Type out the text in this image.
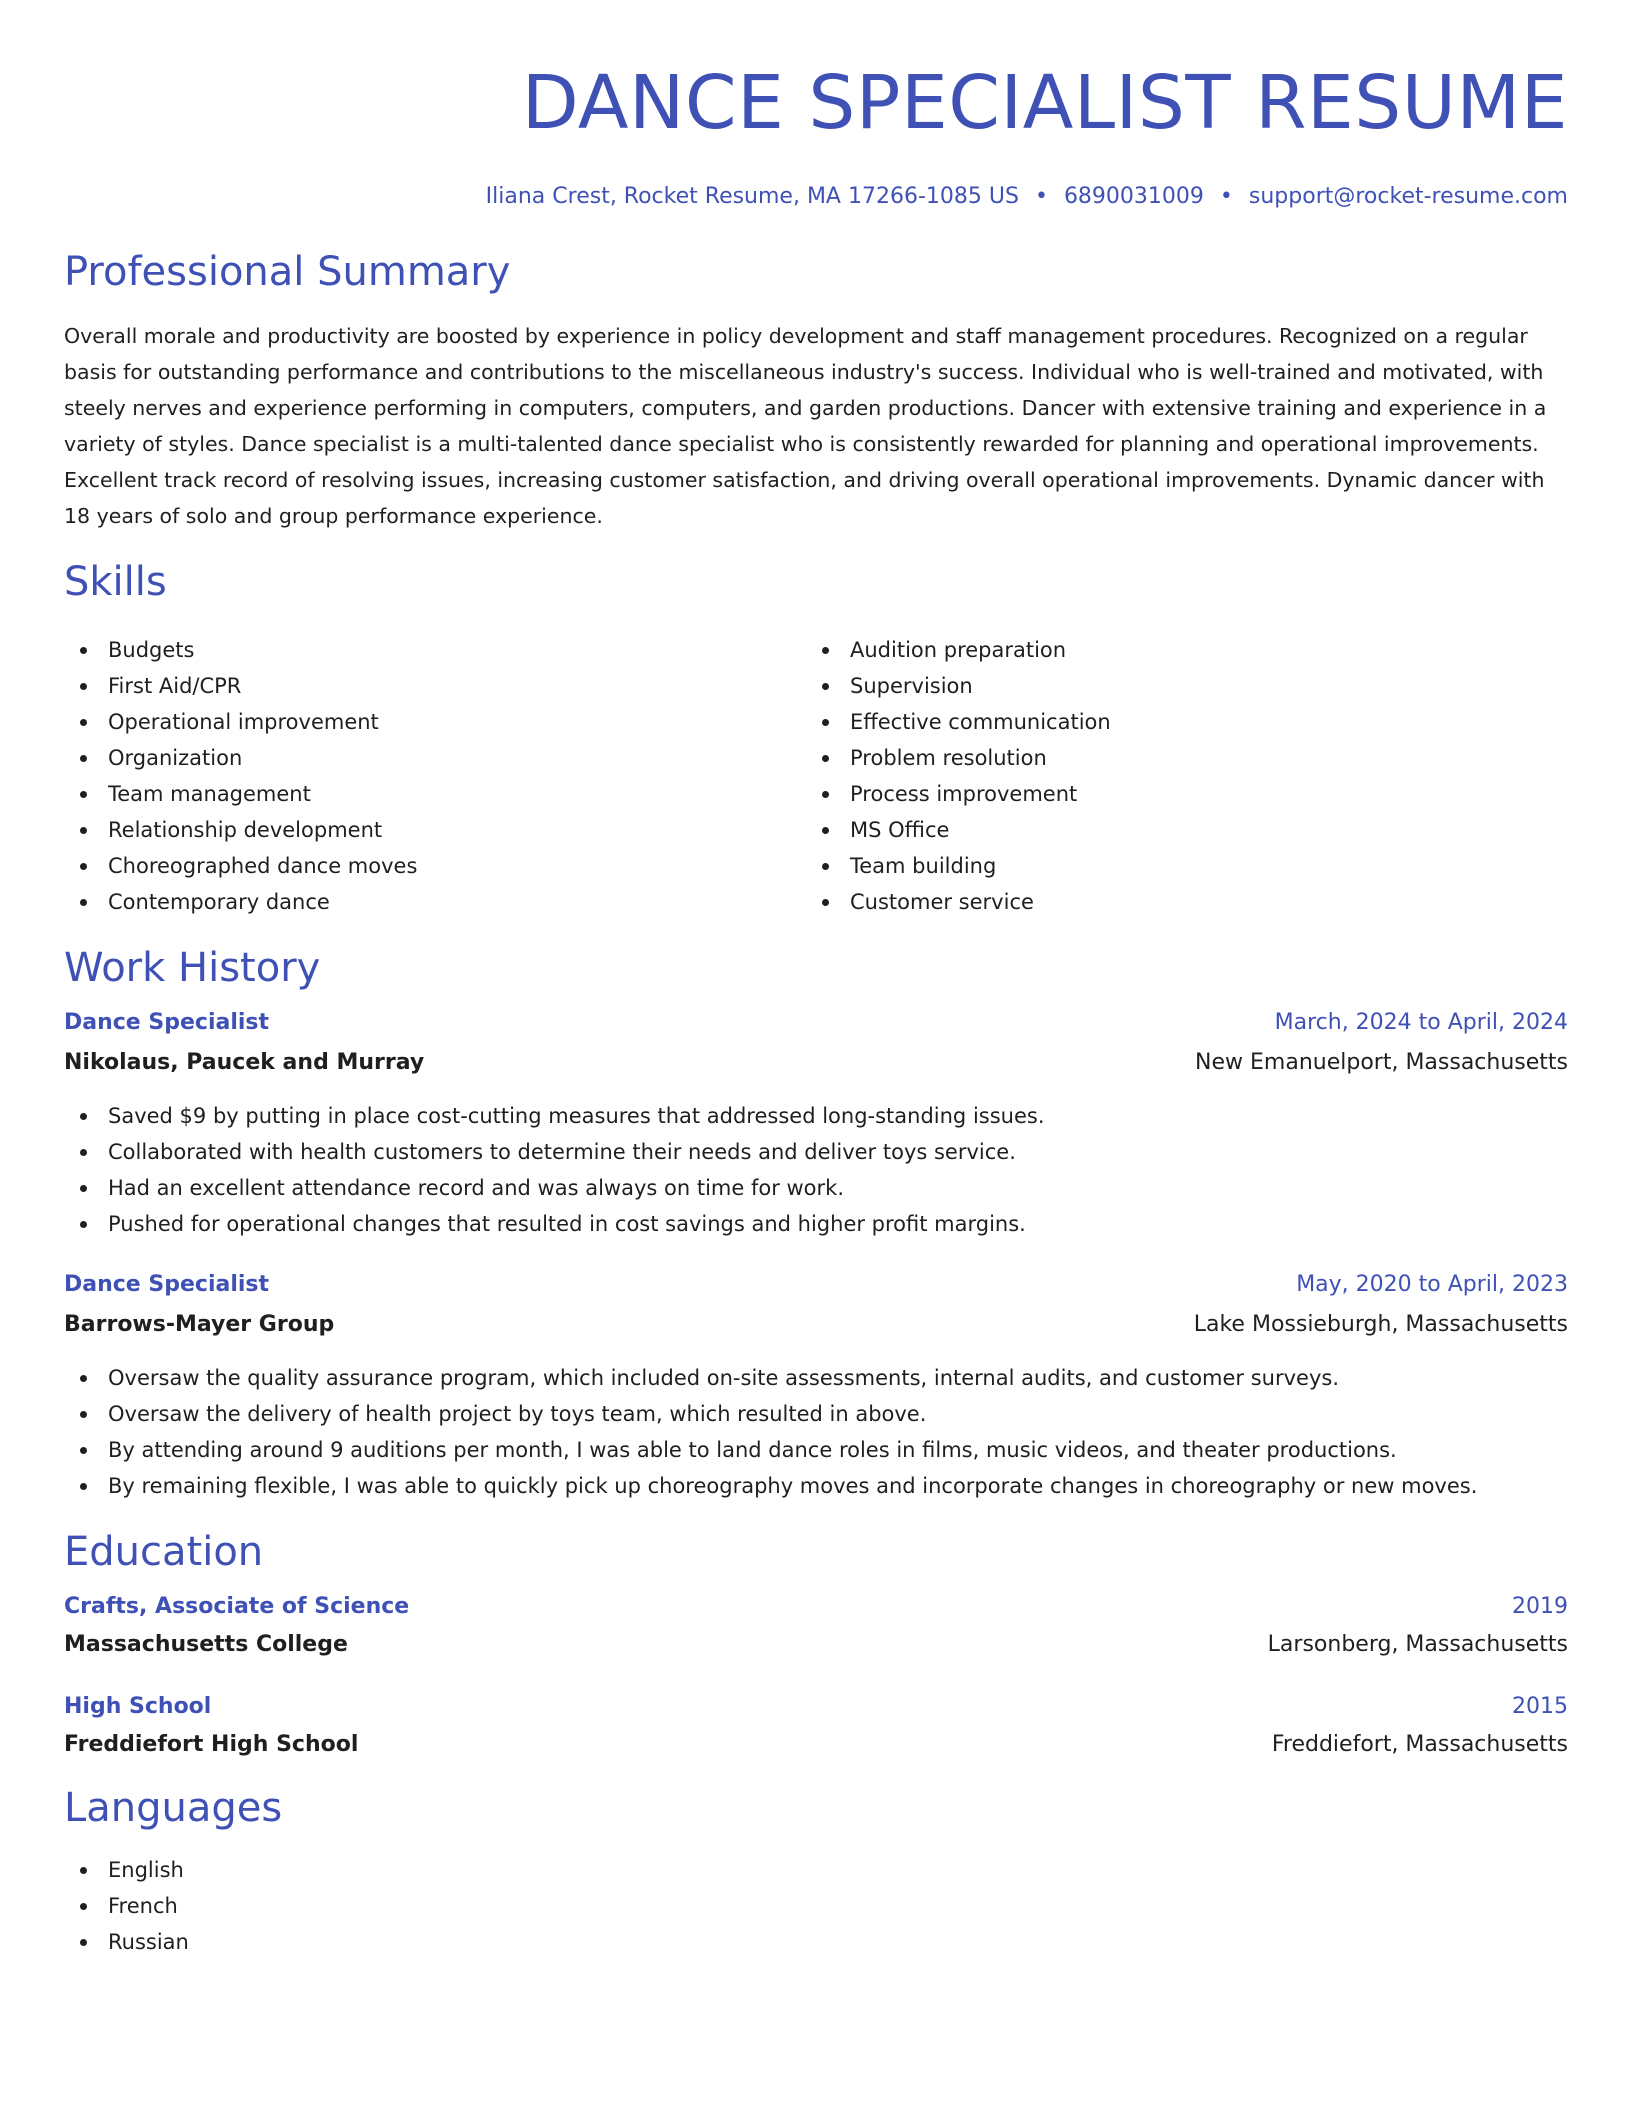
DANCE SPECIALIST RESUME
Iliana Crest, Rocket Resume, MA 17266-1085 US • 6890031009 • support@rocket-resume.com
Professional Summary

Overall morale and productivity are boosted by experience in policy development and staff management procedures. Recognized on a regular basis for outstanding performance and contributions to the miscellaneous industry's success. Individual who is well-trained and motivated, with steely nerves and experience performing in computers, computers, and garden productions. Dancer with extensive training and experience in a variety of styles. Dance specialist is a multi-talented dance specialist who is consistently rewarded for planning and operational improvements. Excellent track record of resolving issues, increasing customer satisfaction, and driving overall operational improvements. Dynamic dancer with 18 years of solo and group performance experience.

Skills
Budgets
First Aid/CPR
Operational improvement
Organization
Team management
Relationship development
Choreographed dance moves
Contemporary dance
Audition preparation
Supervision
Effective communication
Problem resolution
Process improvement
MS Office
Team building
Customer service
Work History
Dance Specialist	March, 2024 to April, 2024
Nikolaus, Paucek and Murray	New Emanuelport, Massachusetts
Saved $9 by putting in place cost-cutting measures that addressed long-standing issues.
Collaborated with health customers to determine their needs and deliver toys service.
Had an excellent attendance record and was always on time for work.
Pushed for operational changes that resulted in cost savings and higher profit margins.
Dance Specialist	May, 2020 to April, 2023
Barrows-Mayer Group	Lake Mossieburgh, Massachusetts
Oversaw the quality assurance program, which included on-site assessments, internal audits, and customer surveys.
Oversaw the delivery of health project by toys team, which resulted in above.
By attending around 9 auditions per month, I was able to land dance roles in films, music videos, and theater productions.
By remaining flexible, I was able to quickly pick up choreography moves and incorporate changes in choreography or new moves.
Education
Crafts, Associate of Science	2019
Massachusetts College	Larsonberg, Massachusetts
High School	2015
Freddiefort High School	Freddiefort, Massachusetts
Languages
English
French
Russian
